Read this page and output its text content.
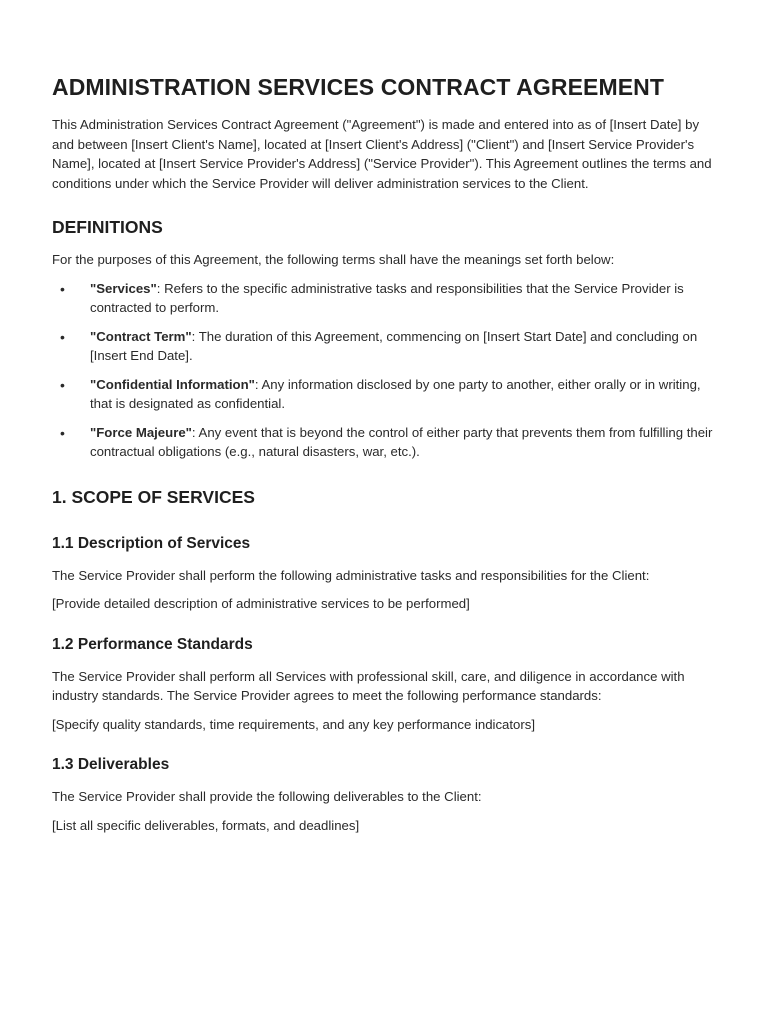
ADMINISTRATION SERVICES CONTRACT AGREEMENT

This Administration Services Contract Agreement ("Agreement") is made and entered into as of [Insert Date] by and between [Insert Client's Name], located at [Insert Client's Address] ("Client") and [Insert Service Provider's Name], located at [Insert Service Provider's Address] ("Service Provider"). This Agreement outlines the terms and conditions under which the Service Provider will deliver administration services to the Client.

DEFINITIONS

For the purposes of this Agreement, the following terms shall have the meanings set forth below:

• "Services": Refers to the specific administrative tasks and responsibilities that the Service Provider is contracted to perform.
• "Contract Term": The duration of this Agreement, commencing on [Insert Start Date] and concluding on [Insert End Date].
• "Confidential Information": Any information disclosed by one party to another, either orally or in writing, that is designated as confidential.
• "Force Majeure": Any event that is beyond the control of either party that prevents them from fulfilling their contractual obligations (e.g., natural disasters, war, etc.).
1. SCOPE OF SERVICES
1.1 Description of Services

The Service Provider shall perform the following administrative tasks and responsibilities for the Client:

[Provide detailed description of administrative services to be performed]

1.2 Performance Standards

The Service Provider shall perform all Services with professional skill, care, and diligence in accordance with industry standards. The Service Provider agrees to meet the following performance standards:

[Specify quality standards, time requirements, and any key performance indicators]

1.3 Deliverables

The Service Provider shall provide the following deliverables to the Client:

[List all specific deliverables, formats, and deadlines]
